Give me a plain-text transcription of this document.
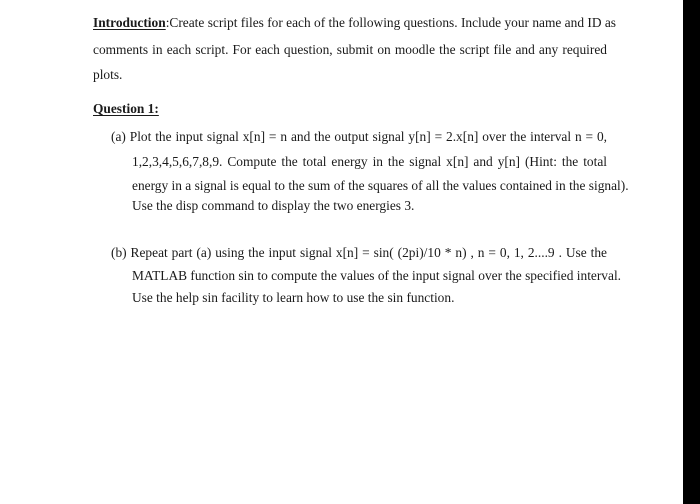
Introduction:Create script files for each of the following questions. Include your name and ID as
comments in each script. For each question, submit on moodle the script file and any required
plots.
Question 1:
(a) Plot the input signal x[n] = n and the output signal y[n] = 2.x[n] over the interval n = 0,
1,2,3,4,5,6,7,8,9. Compute the total energy in the signal x[n] and y[n] (Hint: the total
energy in a signal is equal to the sum of the squares of all the values contained in the signal).
Use the disp command to display the two energies 3.
(b) Repeat part (a) using the input signal x[n] = sin( (2pi)/10 * n) , n = 0, 1, 2....9 . Use the
MATLAB function sin to compute the values of the input signal over the specified interval.
Use the help sin facility to learn how to use the sin function.
